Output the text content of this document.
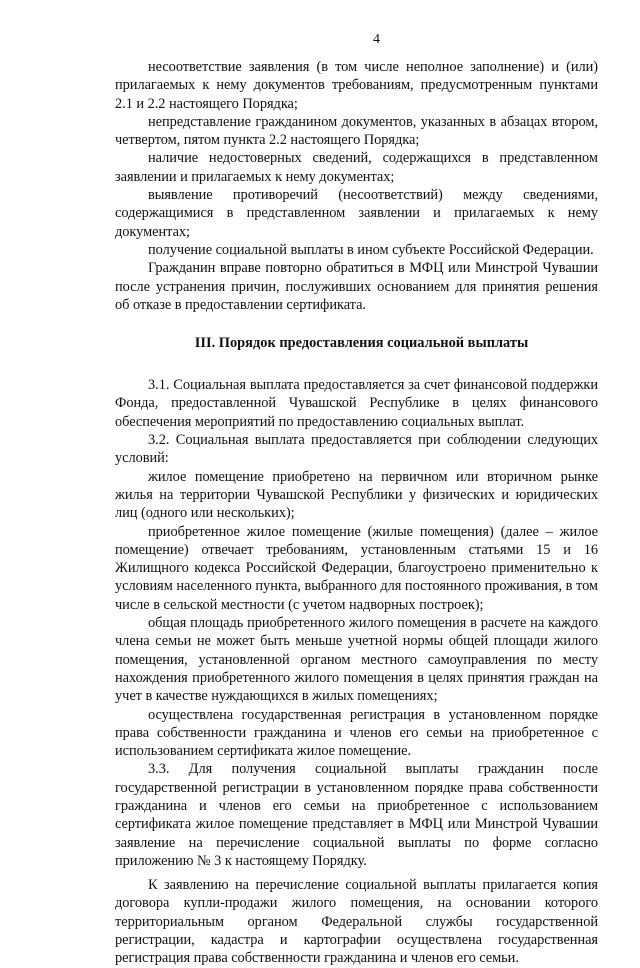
4

несоответствие заявления (в том числе неполное заполнение) и (или) прилагаемых к нему документов требованиям, предусмотренным пунктами 2.1 и 2.2 настоящего Порядка;

непредставление гражданином документов, указанных в абзацах втором, четвертом, пятом пункта 2.2 настоящего Порядка;

наличие недостоверных сведений, содержащихся в представленном заявлении и прилагаемых к нему документах;

выявление противоречий (несоответствий) между сведениями, содержащимися в представленном заявлении и прилагаемых к нему документах;

получение социальной выплаты в ином субъекте Российской Федерации.

Гражданин вправе повторно обратиться в МФЦ или Минстрой Чувашии после устранения причин, послуживших основанием для принятия решения об отказе в предоставлении сертификата.

III. Порядок предоставления социальной выплаты

3.1. Социальная выплата предоставляется за счет финансовой поддержки Фонда, предоставленной Чувашской Республике в целях финансового обеспечения мероприятий по предоставлению социальных выплат.

3.2. Социальная выплата предоставляется при соблюдении следующих условий:

жилое помещение приобретено на первичном или вторичном рынке жилья на территории Чувашской Республики у физических и юридических лиц (одного или нескольких);

приобретенное жилое помещение (жилые помещения) (далее – жилое помещение) отвечает требованиям, установленным статьями 15 и 16 Жилищного кодекса Российской Федерации, благоустроено применительно к условиям населенного пункта, выбранного для постоянного проживания, в том числе в сельской местности (с учетом надворных построек);

общая площадь приобретенного жилого помещения в расчете на каждого члена семьи не может быть меньше учетной нормы общей площади жилого помещения, установленной органом местного самоуправления по месту нахождения приобретенного жилого помещения в целях принятия граждан на учет в качестве нуждающихся в жилых помещениях;

осуществлена государственная регистрация в установленном порядке права собственности гражданина и членов его семьи на приобретенное с использованием сертификата жилое помещение.

3.3. Для получения социальной выплаты гражданин после государственной регистрации в установленном порядке права собственности гражданина и членов его семьи на приобретенное с использованием сертификата жилое помещение представляет в МФЦ или Минстрой Чувашии заявление на перечисление социальной выплаты по форме согласно приложению № 3 к настоящему Порядку.

К заявлению на перечисление социальной выплаты прилагается копия договора купли-продажи жилого помещения, на основании которого территориальным органом Федеральной службы государственной регистрации, кадастра и картографии осуществлена государственная регистрация права собственности гражданина и членов его семьи.
